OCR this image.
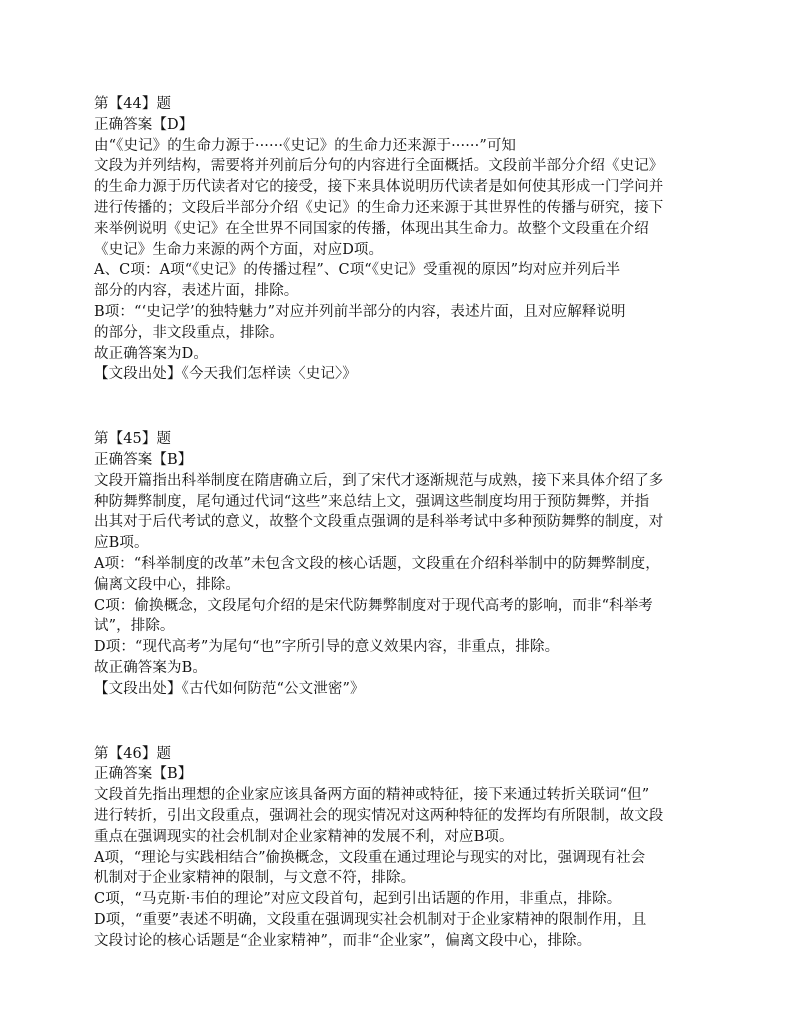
第【44】题
正确答案【D】
由“《史记》的生命力源于······《史记》的生命力还来源于······”可知
文段为并列结构，需要将并列前后分句的内容进行全面概括。文段前半部分介绍《史记》
的生命力源于历代读者对它的接受，接下来具体说明历代读者是如何使其形成一门学问并
进行传播的；文段后半部分介绍《史记》的生命力还来源于其世界性的传播与研究，接下
来举例说明《史记》在全世界不同国家的传播，体现出其生命力。故整个文段重在介绍
《史记》生命力来源的两个方面，对应D项。
A、C项：A项“《史记》的传播过程”、C项“《史记》受重视的原因”均对应并列后半
部分的内容，表述片面，排除。
B项：“‘史记学’的独特魅力”对应并列前半部分的内容，表述片面，且对应解释说明
的部分，非文段重点，排除。
故正确答案为D。
【文段出处】《今天我们怎样读〈史记〉》
第【45】题
正确答案【B】
文段开篇指出科举制度在隋唐确立后，到了宋代才逐渐规范与成熟，接下来具体介绍了多
种防舞弊制度，尾句通过代词“这些”来总结上文，强调这些制度均用于预防舞弊，并指
出其对于后代考试的意义，故整个文段重点强调的是科举考试中多种预防舞弊的制度，对
应B项。
A项：“科举制度的改革”未包含文段的核心话题，文段重在介绍科举制中的防舞弊制度，
偏离文段中心，排除。
C项：偷换概念，文段尾句介绍的是宋代防舞弊制度对于现代高考的影响，而非“科举考
试”，排除。
D项：“现代高考”为尾句“也”字所引导的意义效果内容，非重点，排除。
故正确答案为B。
【文段出处】《古代如何防范“公文泄密”》
第【46】题
正确答案【B】
文段首先指出理想的企业家应该具备两方面的精神或特征，接下来通过转折关联词“但”
进行转折，引出文段重点，强调社会的现实情况对这两种特征的发挥均有所限制，故文段
重点在强调现实的社会机制对企业家精神的发展不利，对应B项。
A项，“理论与实践相结合”偷换概念，文段重在通过理论与现实的对比，强调现有社会
机制对于企业家精神的限制，与文意不符，排除。
C项，“马克斯·韦伯的理论”对应文段首句，起到引出话题的作用，非重点，排除。
D项，“重要”表述不明确，文段重在强调现实社会机制对于企业家精神的限制作用，且
文段讨论的核心话题是“企业家精神”，而非“企业家”，偏离文段中心，排除。
